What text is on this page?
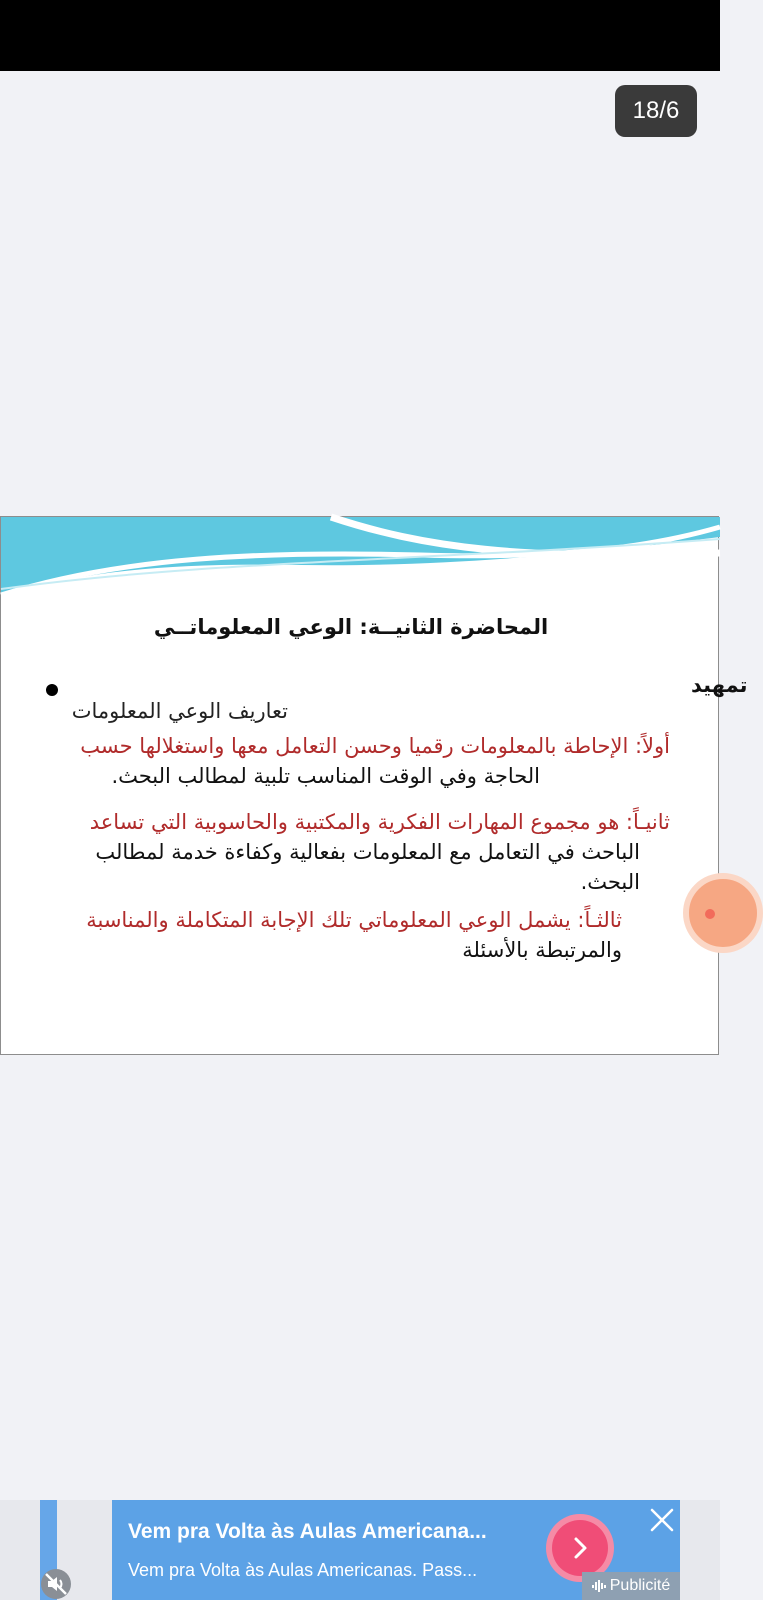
18/6
المحاضرة الثانيــة: الوعي المعلوماتــي
تمهيد
تعاريف الوعي المعلومات
أولاً: الإحاطة بالمعلومات رقميا وحسن التعامل معها واستغلالها حسب
الحاجة وفي الوقت المناسب تلبية لمطالب البحث.
ثانيـاً: هو مجموع المهارات الفكرية والمكتبية والحاسوبية التي تساعد
الباحث في التعامل مع المعلومات بفعالية وكفاءة خدمة لمطالب البحث.
ثالثـاً: يشمل الوعي المعلوماتي تلك الإجابة المتكاملة والمناسبة
والمرتبطة بالأسئلة
Vem pra Volta às Aulas Americana...
Vem pra Volta às Aulas Americanas. Pass...
Publicité
